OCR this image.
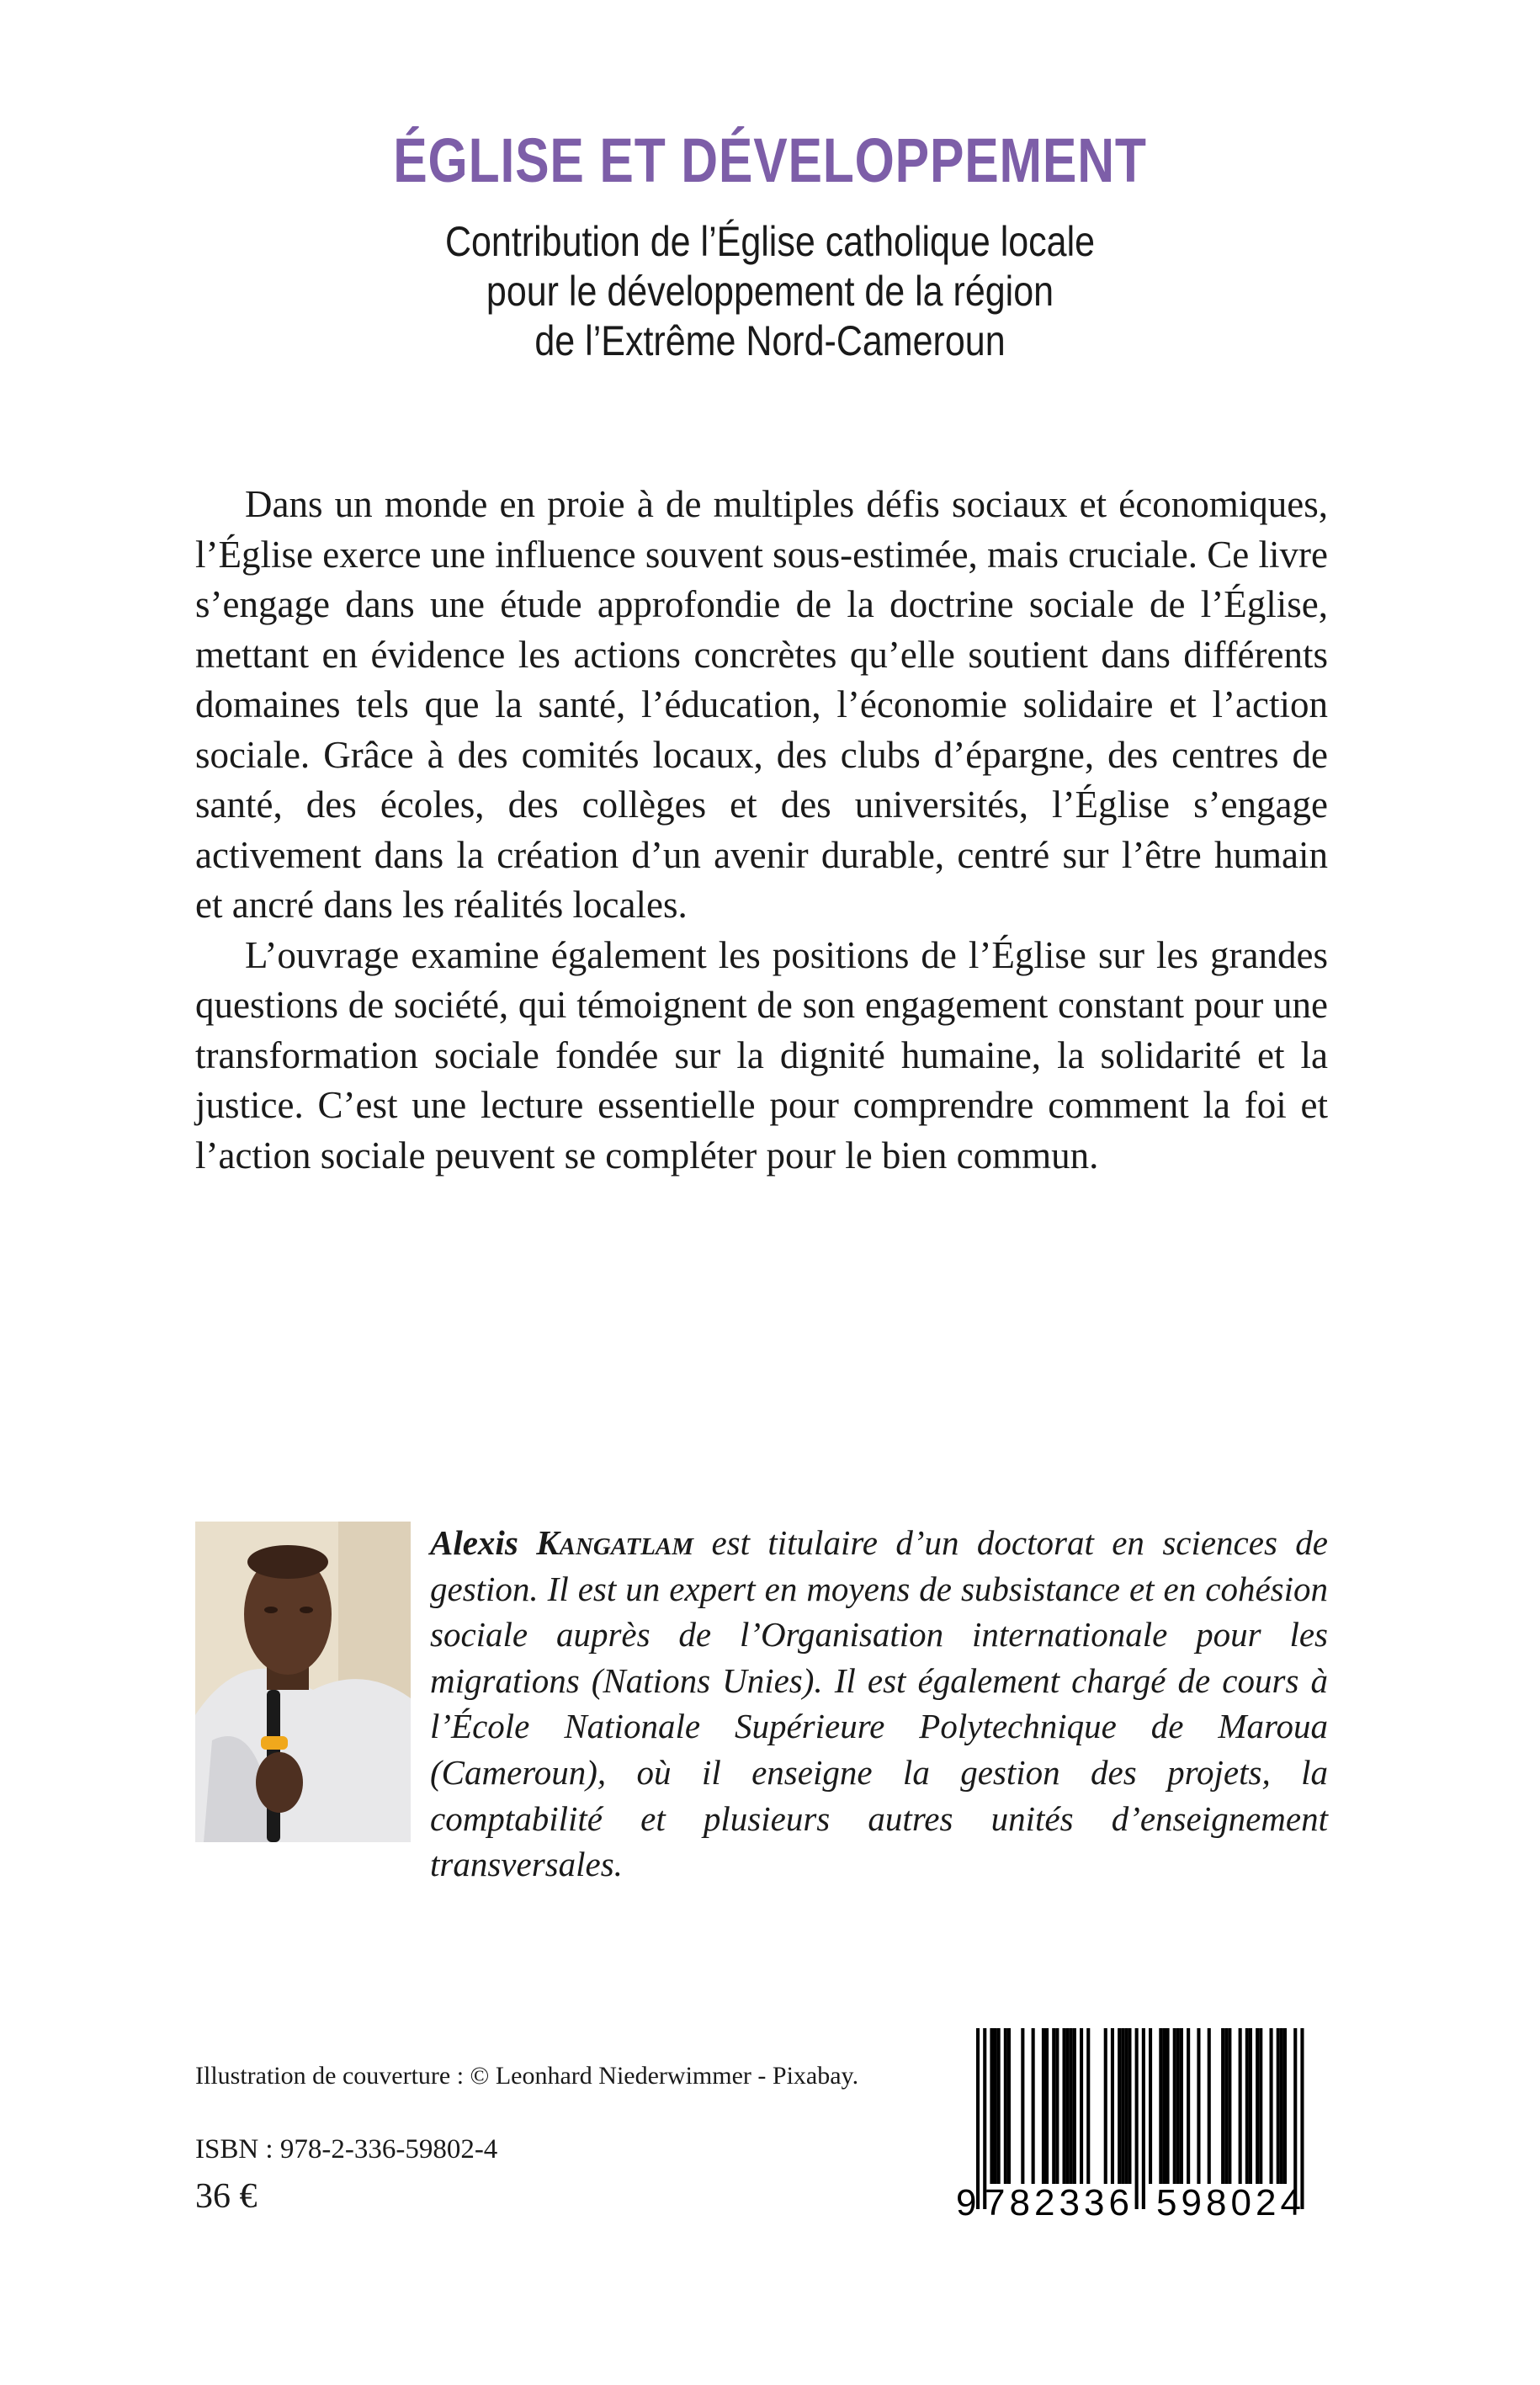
ÉGLISE ET DÉVELOPPEMENT
Contribution de l’Église catholique locale
pour le développement de la région
de l’Extrême Nord-Cameroun

Dans un monde en proie à de multiples défis sociaux et économiques, l’Église exerce une influence souvent sous-estimée, mais cruciale. Ce livre s’engage dans une étude approfondie de la doctrine sociale de l’Église, mettant en évidence les actions concrètes qu’elle soutient dans différents domaines tels que la santé, l’éducation, l’économie solidaire et l’action sociale. Grâce à des comités locaux, des clubs d’épargne, des centres de santé, des écoles, des collèges et des universités, l’Église s’engage activement dans la création d’un avenir durable, centré sur l’être humain et ancré dans les réalités locales.

L’ouvrage examine également les positions de l’Église sur les grandes questions de société, qui témoignent de son engagement constant pour une transformation sociale fondée sur la dignité humaine, la solidarité et la justice. C’est une lecture essentielle pour comprendre comment la foi et l’action sociale peuvent se compléter pour le bien commun.

Alexis Kangatlam est titulaire d’un doctorat en sciences de gestion. Il est un expert en moyens de subsistance et en cohésion sociale auprès de l’Organisation internationale pour les migrations (Nations Unies). Il est également chargé de cours à l’École Nationale Supérieure Polytechnique de Maroua (Cameroun), où il enseigne la gestion des projets, la comptabilité et plusieurs autres unités d’enseignement transversales.
Illustration de couverture : © Leonhard Niederwimmer - Pixabay.
ISBN : 978-2-336-59802-4
36 €	9 782336 598024
